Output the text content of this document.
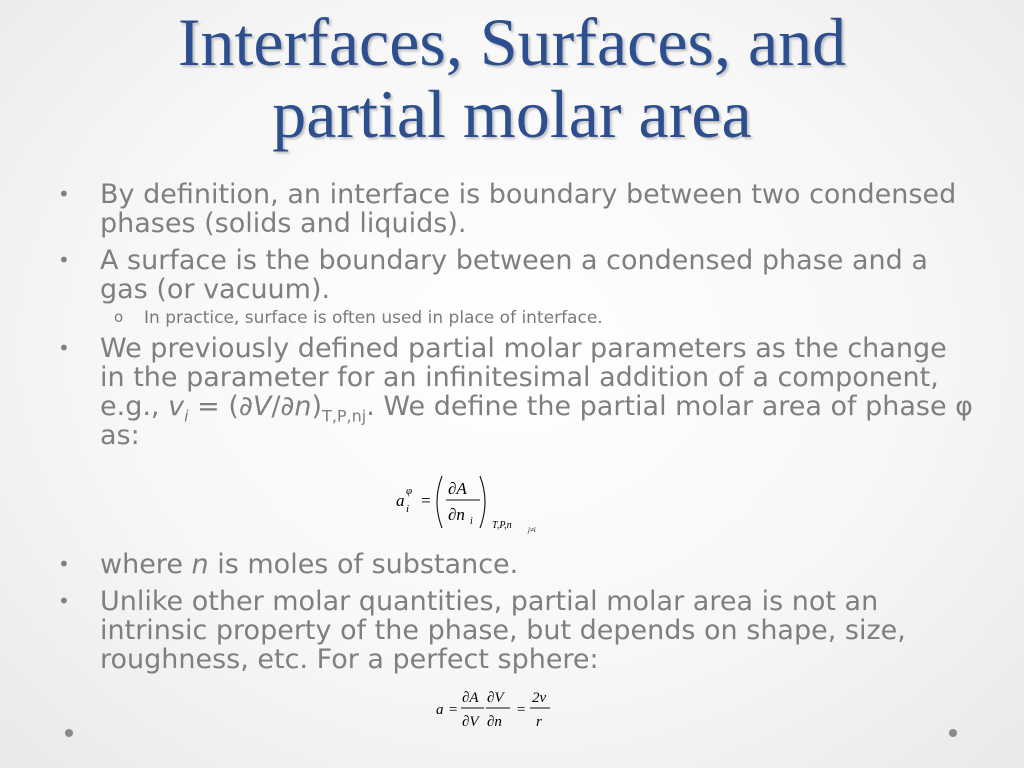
Interfaces, Surfaces, and
partial molar area
• By definition, an interface is boundary between two condensed phases (solids and liquids).
• A surface is the boundary between a condensed phase and a gas (or vacuum).
o In practice, surface is often used in place of interface.
• We previously defined partial molar parameters as the change in the parameter for an infinitesimal addition of a component, e.g., $v_i = (\partial V/\partial n)_{T,P,nj}$. We define the partial molar area of phase φ as:
• where n is moles of substance.
• Unlike other molar quantities, partial molar area is not an intrinsic property of the phase, but depends on shape, size, roughness, etc. For a perfect sphere:
a φ
i =
∂A
∂n i T,P,n j≠i
a =
∂A
∂V
∂V
∂n
=
2v
r
